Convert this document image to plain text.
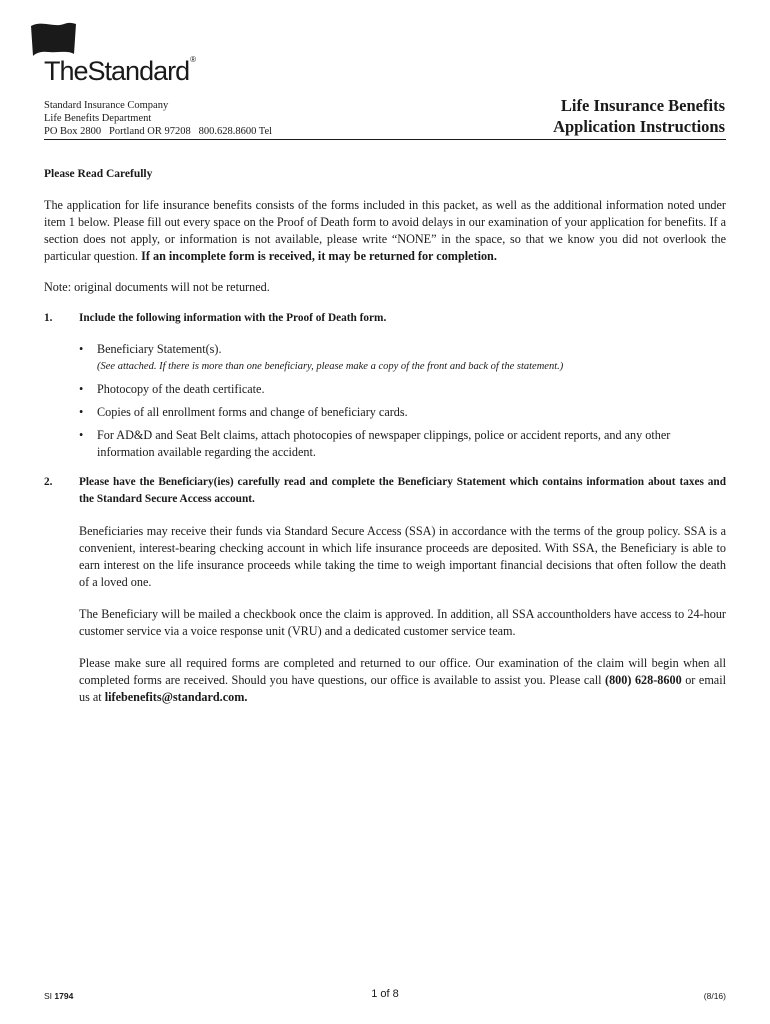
TheStandard®
Standard Insurance Company
Life Benefits Department
PO Box 2800   Portland OR 97208   800.628.8600 Tel
Life Insurance Benefits
Application Instructions

Please Read Carefully

The application for life insurance benefits consists of the forms included in this packet, as well as the additional information noted under item 1 below. Please fill out every space on the Proof of Death form to avoid delays in our examination of your application for benefits. If a section does not apply, or information is not available, please write “NONE” in the space, so that we know you did not overlook the particular question. If an incomplete form is received, it may be returned for completion.

Note: original documents will not be returned.

1. Include the following information with the Proof of Death form.
• Beneficiary Statement(s).
(See attached. If there is more than one beneficiary, please make a copy of the front and back of the statement.)
• Photocopy of the death certificate.
• Copies of all enrollment forms and change of beneficiary cards.
• For AD&D and Seat Belt claims, attach photocopies of newspaper clippings, police or accident reports, and any other information available regarding the accident.
2. Please have the Beneficiary(ies) carefully read and complete the Beneficiary Statement which contains information about taxes and the Standard Secure Access account.

Beneficiaries may receive their funds via Standard Secure Access (SSA) in accordance with the terms of the group policy. SSA is a convenient, interest-bearing checking account in which life insurance proceeds are deposited. With SSA, the Beneficiary is able to earn interest on the life insurance proceeds while taking the time to weigh important financial decisions that often follow the death of a loved one.

The Beneficiary will be mailed a checkbook once the claim is approved. In addition, all SSA accountholders have access to 24-hour customer service via a voice response unit (VRU) and a dedicated customer service team.

Please make sure all required forms are completed and returned to our office. Our examination of the claim will begin when all completed forms are received. Should you have questions, our office is available to assist you. Please call (800) 628-8600 or email us at lifebenefits@standard.com.

SI 1794	1 of 8	(8/16)
